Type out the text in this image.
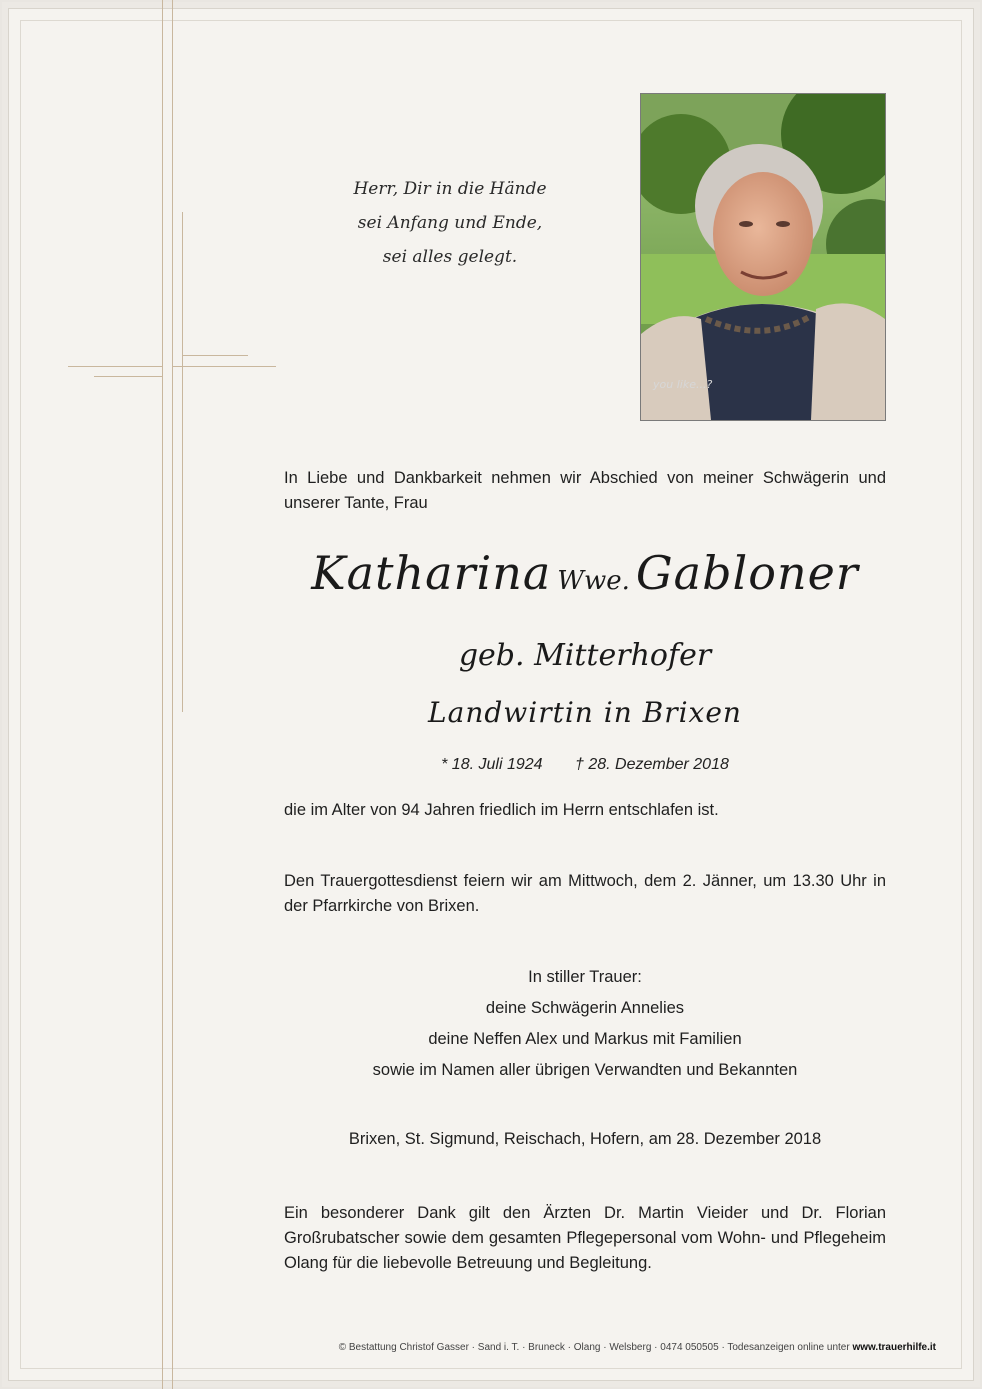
Herr, Dir in die Hände
sei Anfang und Ende,
sei alles gelegt.
you like...?
In Liebe und Dankbarkeit nehmen wir Abschied von meiner Schwägerin und unserer Tante, Frau
Katharina Wwe. Gabloner
geb. Mitterhofer
Landwirtin in Brixen
* 18. Juli 1924 † 28. Dezember 2018
die im Alter von 94 Jahren friedlich im Herrn entschlafen ist.
Den Trauergottesdienst feiern wir am Mittwoch, dem 2. Jänner, um 13.30 Uhr in der Pfarrkirche von Brixen.
In stiller Trauer:
deine Schwägerin Annelies
deine Neffen Alex und Markus mit Familien
sowie im Namen aller übrigen Verwandten und Bekannten
Brixen, St. Sigmund, Reischach, Hofern, am 28. Dezember 2018
Ein besonderer Dank gilt den Ärzten Dr. Martin Vieider und Dr. Florian Großrubatscher sowie dem gesamten Pflegepersonal vom Wohn- und Pflegeheim Olang für die liebevolle Betreuung und Begleitung.
© Bestattung Christof Gasser · Sand i. T. · Bruneck · Olang · Welsberg · 0474 050505 · Todesanzeigen online unter www.trauerhilfe.it
